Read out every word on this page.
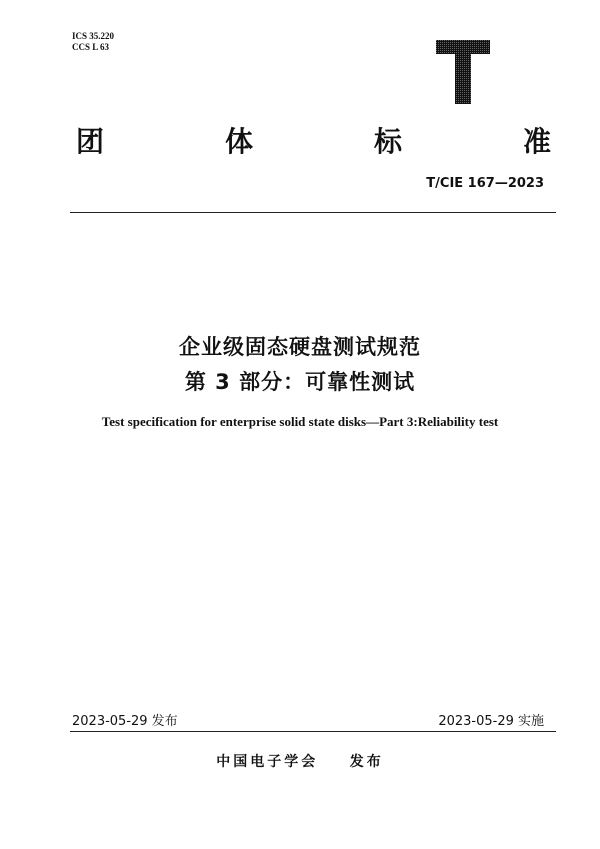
ICS 35.220
CCS L 63
团	体	标	准
T/CIE 167—2023
企业级固态硬盘测试规范
第 3 部分：可靠性测试
Test specification for enterprise solid state disks—Part 3:Reliability test
2023-05-29 发布	2023-05-29 实施
中国电子学会    发布
